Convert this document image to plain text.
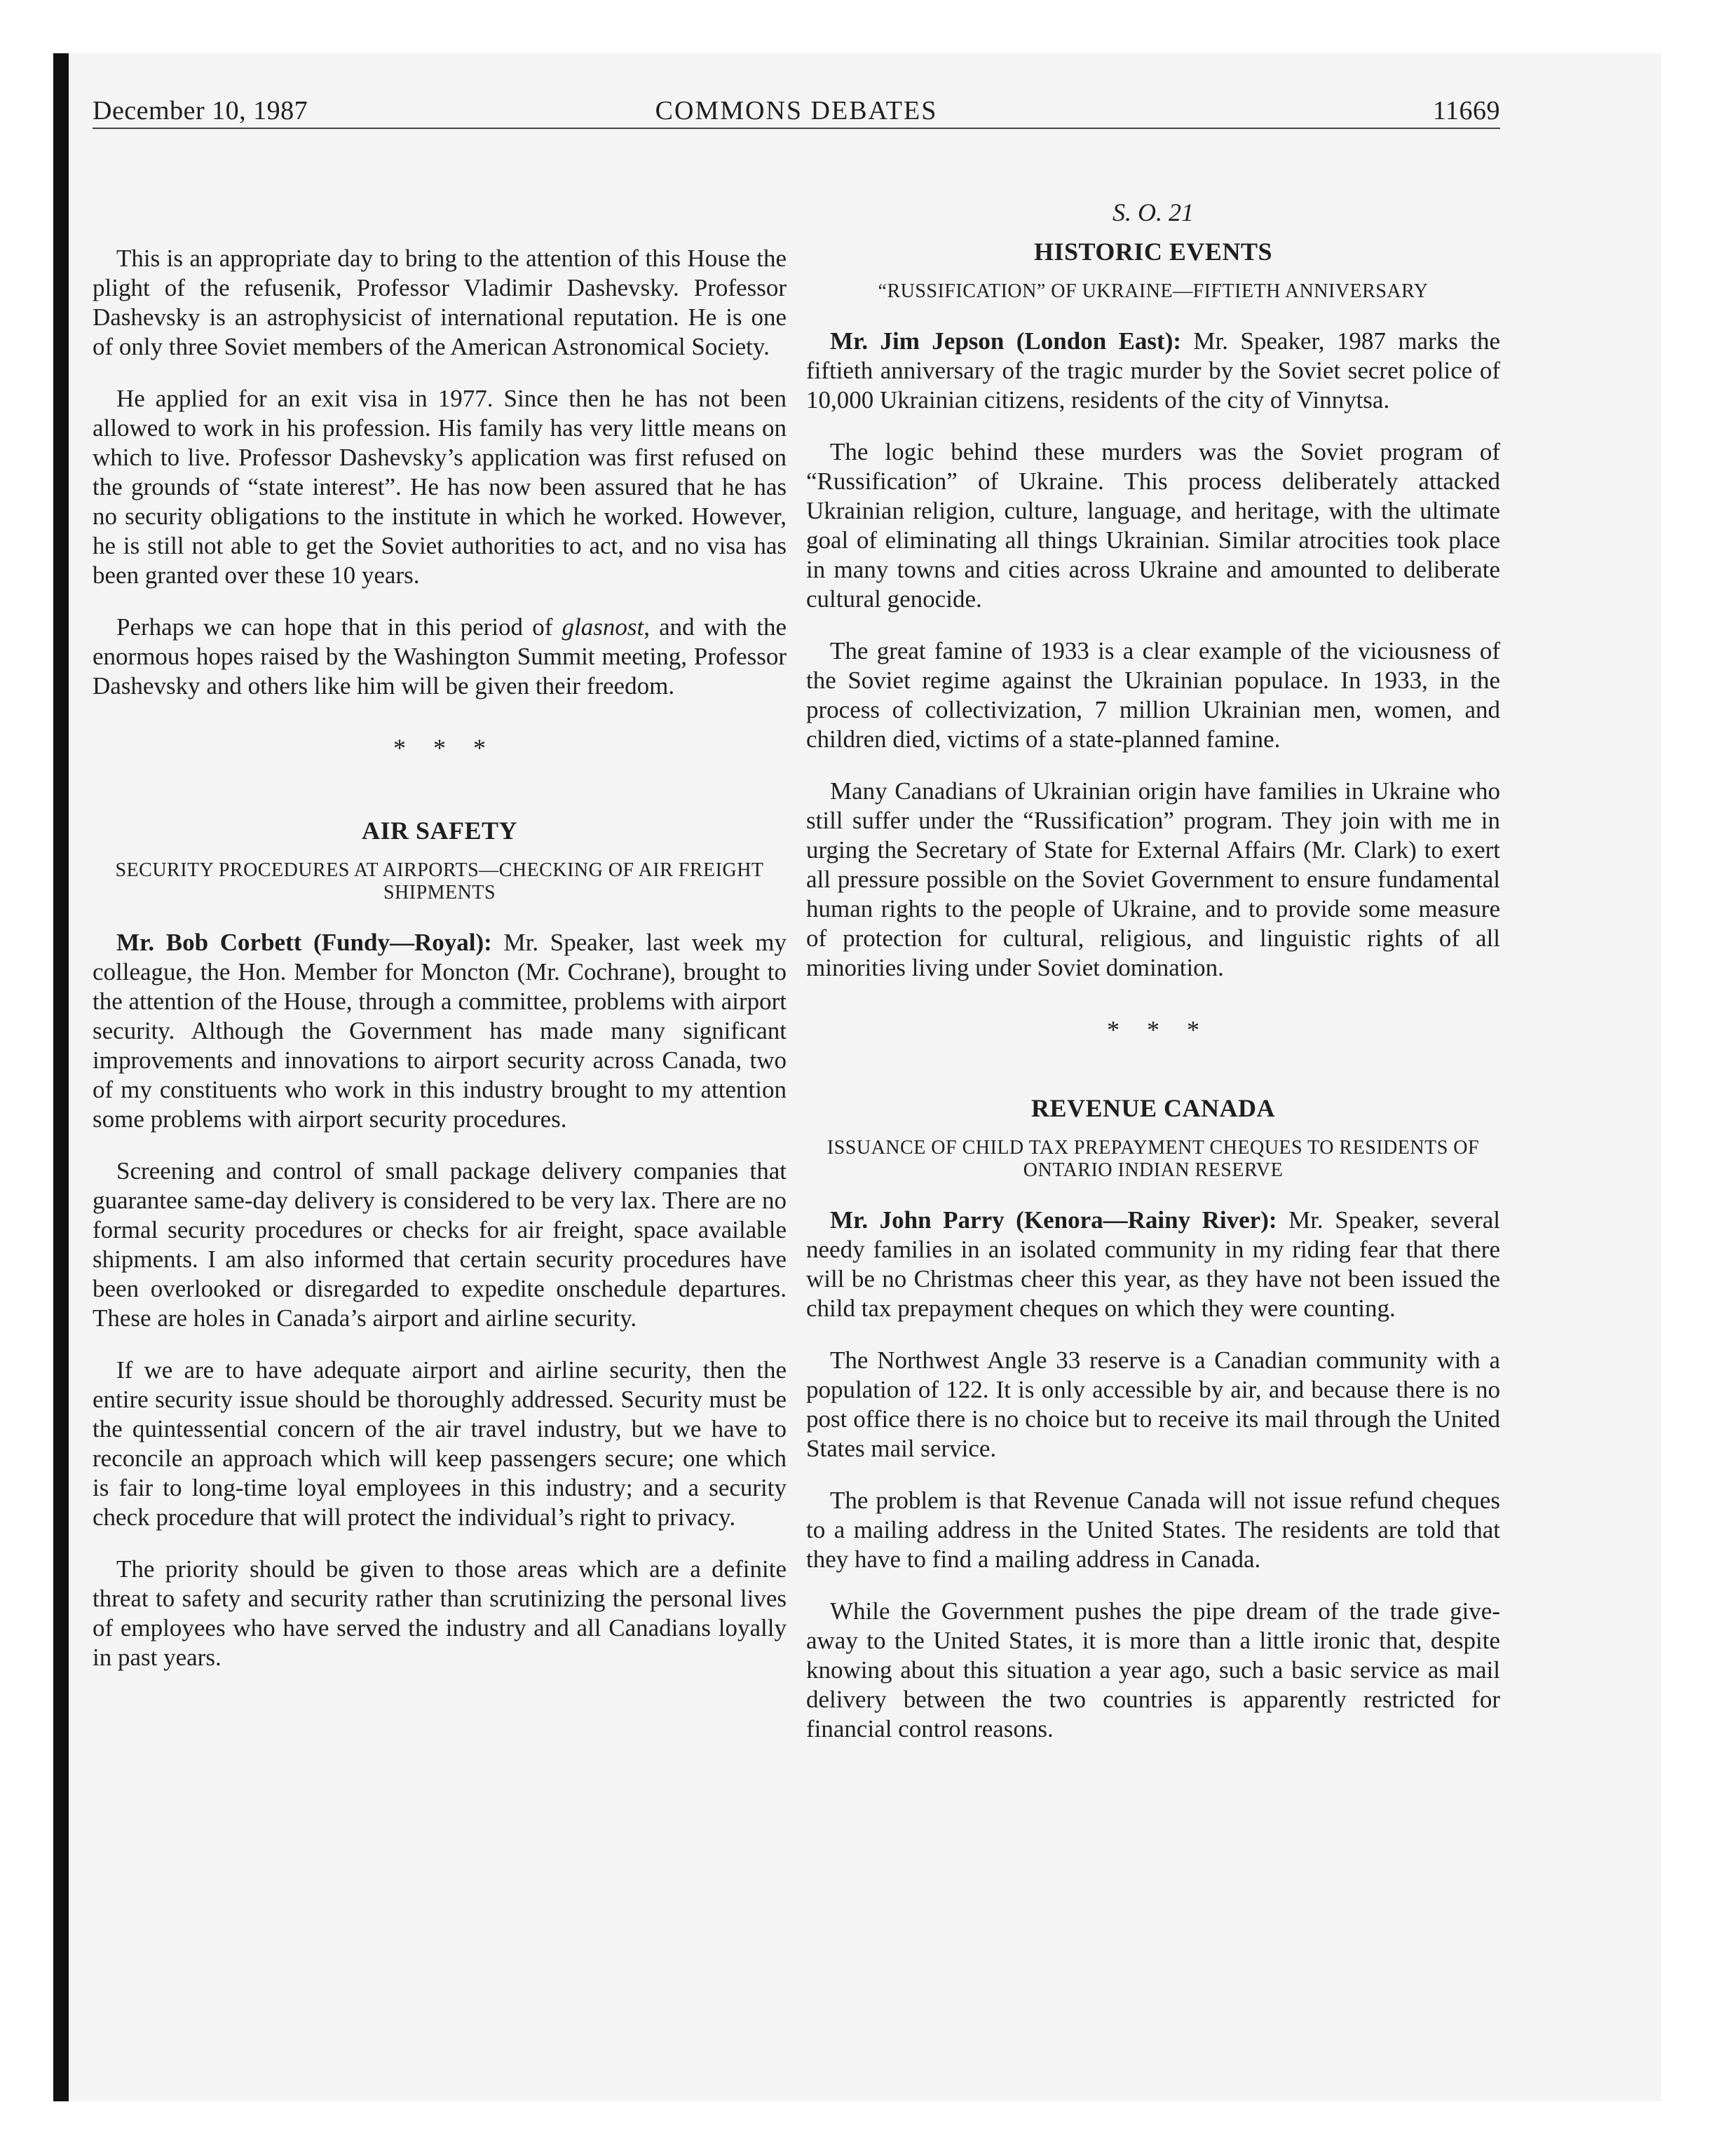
December 10, 1987	COMMONS DEBATES	11669

This is an appropriate day to bring to the attention of this House the plight of the refusenik, Professor Vladimir Dashevsky. Professor Dashevsky is an astrophysicist of international reputation. He is one of only three Soviet members of the American Astronomical Society.

He applied for an exit visa in 1977. Since then he has not been allowed to work in his profession. His family has very little means on which to live. Professor Dashevsky’s application was first refused on the grounds of “state interest”. He has now been assured that he has no security obligations to the institute in which he worked. However, he is still not able to get the Soviet authorities to act, and no visa has been granted over these 10 years.

Perhaps we can hope that in this period of glasnost, and with the enormous hopes raised by the Washington Summit meeting, Professor Dashevsky and others like him will be given their freedom.

* * *
AIR SAFETY
SECURITY PROCEDURES AT AIRPORTS—CHECKING OF AIR FREIGHT SHIPMENTS

Mr. Bob Corbett (Fundy—Royal): Mr. Speaker, last week my colleague, the Hon. Member for Moncton (Mr. Cochrane), brought to the attention of the House, through a committee, problems with airport security. Although the Government has made many significant improvements and innovations to airport security across Canada, two of my constituents who work in this industry brought to my attention some problems with airport security procedures.

Screening and control of small package delivery companies that guarantee same-day delivery is considered to be very lax. There are no formal security procedures or checks for air freight, space available shipments. I am also informed that certain security procedures have been overlooked or disregarded to expedite onschedule departures. These are holes in Canada’s airport and airline security.

If we are to have adequate airport and airline security, then the entire security issue should be thoroughly addressed. Security must be the quintessential concern of the air travel industry, but we have to reconcile an approach which will keep passengers secure; one which is fair to long-time loyal employees in this industry; and a security check procedure that will protect the individual’s right to privacy.

The priority should be given to those areas which are a definite threat to safety and security rather than scrutinizing the personal lives of employees who have served the industry and all Canadians loyally in past years.

S. O. 21
HISTORIC EVENTS
“RUSSIFICATION” OF UKRAINE—FIFTIETH ANNIVERSARY

Mr. Jim Jepson (London East): Mr. Speaker, 1987 marks the fiftieth anniversary of the tragic murder by the Soviet secret police of 10,000 Ukrainian citizens, residents of the city of Vinnytsa.

The logic behind these murders was the Soviet program of “Russification” of Ukraine. This process deliberately attacked Ukrainian religion, culture, language, and heritage, with the ultimate goal of eliminating all things Ukrainian. Similar atrocities took place in many towns and cities across Ukraine and amounted to deliberate cultural genocide.

The great famine of 1933 is a clear example of the viciousness of the Soviet regime against the Ukrainian populace. In 1933, in the process of collectivization, 7 million Ukrainian men, women, and children died, victims of a state-planned famine.

Many Canadians of Ukrainian origin have families in Ukraine who still suffer under the “Russification” program. They join with me in urging the Secretary of State for External Affairs (Mr. Clark) to exert all pressure possible on the Soviet Government to ensure fundamental human rights to the people of Ukraine, and to provide some measure of protection for cultural, religious, and linguistic rights of all minorities living under Soviet domination.

* * *
REVENUE CANADA
ISSUANCE OF CHILD TAX PREPAYMENT CHEQUES TO RESIDENTS OF ONTARIO INDIAN RESERVE

Mr. John Parry (Kenora—Rainy River): Mr. Speaker, several needy families in an isolated community in my riding fear that there will be no Christmas cheer this year, as they have not been issued the child tax prepayment cheques on which they were counting.

The Northwest Angle 33 reserve is a Canadian community with a population of 122. It is only accessible by air, and because there is no post office there is no choice but to receive its mail through the United States mail service.

The problem is that Revenue Canada will not issue refund cheques to a mailing address in the United States. The residents are told that they have to find a mailing address in Canada.

While the Government pushes the pipe dream of the trade give-away to the United States, it is more than a little ironic that, despite knowing about this situation a year ago, such a basic service as mail delivery between the two countries is apparently restricted for financial control reasons.
